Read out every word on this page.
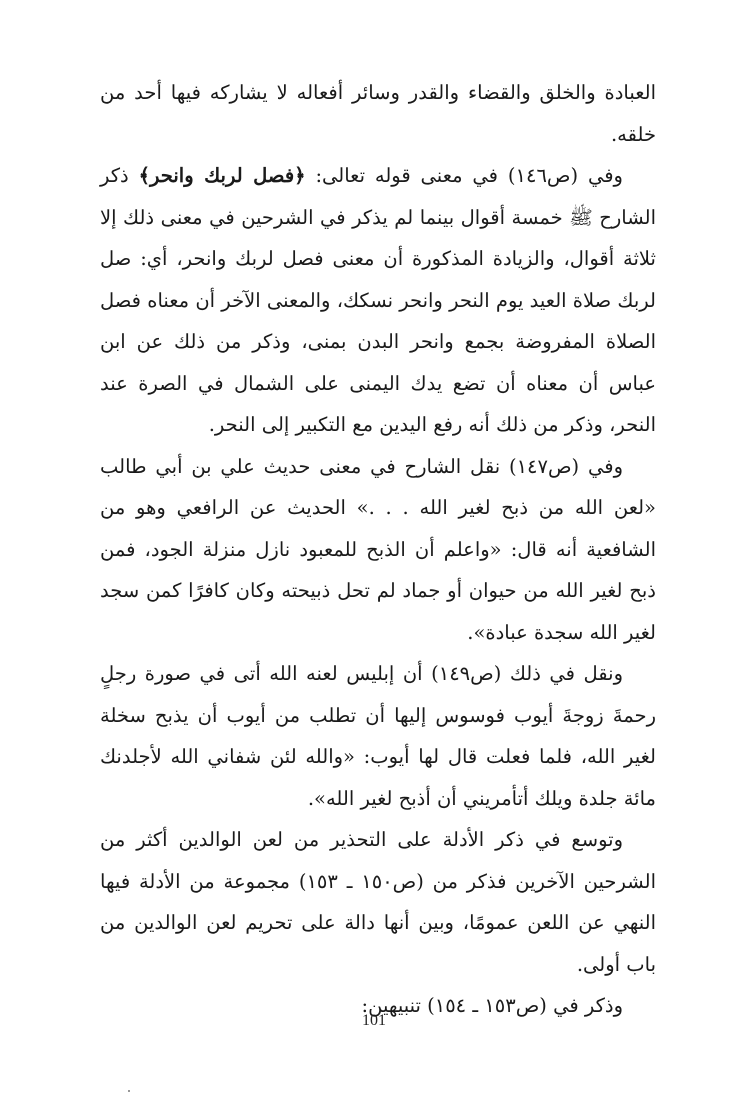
العبادة والخلق والقضاء والقدر وسائر أفعاله لا يشاركه فيها أحد من خلقه.

وفي (ص١٤٦) في معنى قوله تعالى: ﴿فصل لربك وانحر﴾ ذكر الشارح ﷺ خمسة أقوال بينما لم يذكر في الشرحين في معنى ذلك إلا ثلاثة أقوال، والزيادة المذكورة أن معنى فصل لربك وانحر، أي: صل لربك صلاة العيد يوم النحر وانحر نسكك، والمعنى الآخر أن معناه فصل الصلاة المفروضة بجمع وانحر البدن بمنى، وذكر من ذلك عن ابن عباس أن معناه أن تضع يدك اليمنى على الشمال في الصرة عند النحر، وذكر من ذلك أنه رفع اليدين مع التكبير إلى النحر.

وفي (ص١٤٧) نقل الشارح في معنى حديث علي بن أبي طالب «لعن الله من ذبح لغير الله . . .» الحديث عن الرافعي وهو من الشافعية أنه قال: «واعلم أن الذبح للمعبود نازل منزلة الجود، فمن ذبح لغير الله من حيوان أو جماد لم تحل ذبيحته وكان كافرًا كمن سجد لغير الله سجدة عبادة».

ونقل في ذلك (ص١٤٩) أن إبليس لعنه الله أتى في صورة رجلٍ رحمةَ زوجةَ أيوب فوسوس إليها أن تطلب من أيوب أن يذبح سخلة لغير الله، فلما فعلت قال لها أيوب: «والله لئن شفاني الله لأجلدنك مائة جلدة ويلك أتأمريني أن أذبح لغير الله».

وتوسع في ذكر الأدلة على التحذير من لعن الوالدين أكثر من الشرحين الآخرين فذكر من (ص١٥٠ ـ ١٥٣) مجموعة من الأدلة فيها النهي عن اللعن عمومًا، وبين أنها دالة على تحريم لعن الوالدين من باب أولى.

وذكر في (ص١٥٣ ـ ١٥٤) تنبيهين:

101
